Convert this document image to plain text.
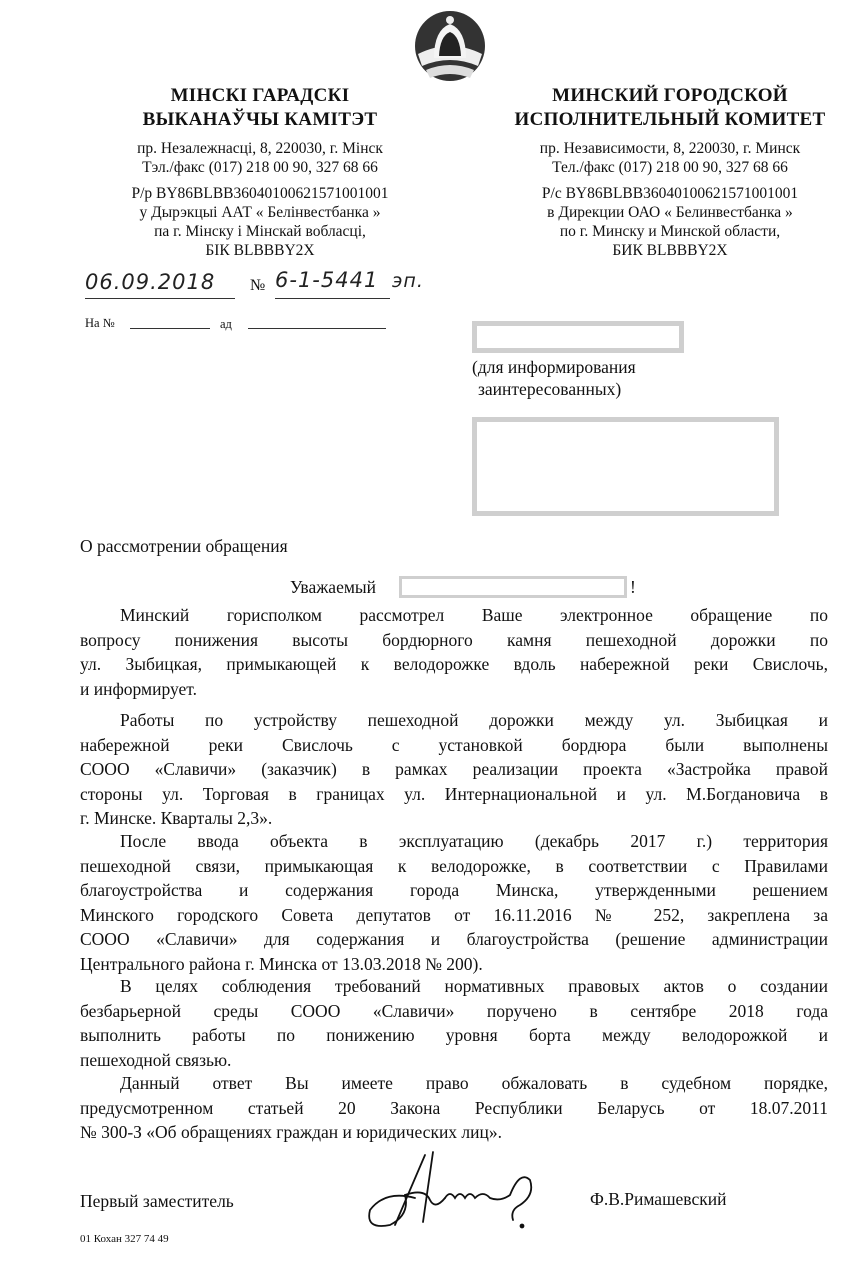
МІНСКІ ГАРАДСКІ
ВЫКАНАЎЧЫ КАМІТЭТ
пр. Незалежнасці, 8, 220030, г. Мінск
Тэл./факс (017) 218 00 90, 327 68 66
Р/р BY86BLBB36040100621571001001
у Дырэкцыі ААТ « Белінвестбанка »
па г. Мінску і Мінскай вобласці,
БІК BLBBBY2X
МИНСКИЙ ГОРОДСКОЙ
ИСПОЛНИТЕЛЬНЫЙ КОМИТЕТ
пр. Независимости, 8, 220030, г. Минск
Тел./факс (017) 218 00 90, 327 68 66
Р/с BY86BLBB36040100621571001001
в Дирекции ОАО « Белинвестбанка »
по г. Минску и Минской области,
БИК BLBBBY2X
06.09.2018	№ 6-1-5441 эп.
На №	ад
(для информирования
заинтересованных)
О рассмотрении обращения
Уважаемый	!
Минский горисполком рассмотрел Ваше электронное обращение по
вопросу понижения высоты бордюрного камня пешеходной дорожки по
ул. Зыбицкая, примыкающей к велодорожке вдоль набережной реки Свислочь,
и информирует.
Работы по устройству пешеходной дорожки между ул. Зыбицкая и
набережной реки Свислочь с установкой бордюра были выполнены
СООО «Славичи» (заказчик) в рамках реализации проекта «Застройка правой
стороны ул. Торговая в границах ул. Интернациональной и ул. М.Богдановича в
г. Минске. Кварталы 2,3».
После ввода объекта в эксплуатацию (декабрь 2017 г.) территория
пешеходной связи, примыкающая к велодорожке, в соответствии с Правилами
благоустройства и содержания города Минска, утвержденными решением
Минского городского Совета депутатов от 16.11.2016 № 252, закреплена за
СООО «Славичи» для содержания и благоустройства (решение администрации
Центрального района г. Минска от 13.03.2018 № 200).
В целях соблюдения требований нормативных правовых актов о создании
безбарьерной среды СООО «Славичи» поручено в сентябре 2018 года
выполнить работы по понижению уровня борта между велодорожкой и
пешеходной связью.
Данный ответ Вы имеете право обжаловать в судебном порядке,
предусмотренном статьей 20 Закона Республики Беларусь от 18.07.2011
№ 300-З «Об обращениях граждан и юридических лиц».
Первый заместитель	Ф.В.Римашевский
01 Кохан 327 74 49
